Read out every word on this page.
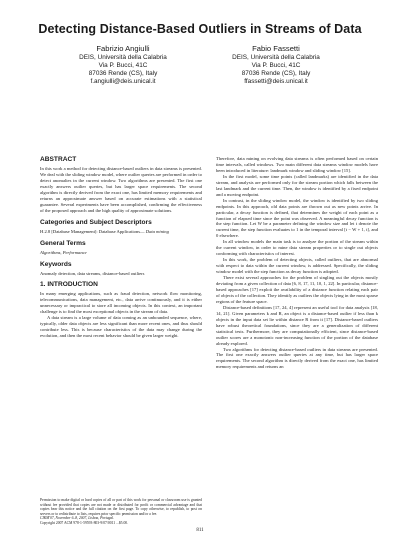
Detecting Distance-Based Outliers in Streams of Data
Fabrizio Angiulli
DEIS, Università della Calabria
Via P. Bucci, 41C
87036 Rende (CS), Italy
f.angiulli@deis.unical.it
Fabio Fassetti
DEIS, Università della Calabria
Via P. Bucci, 41C
87036 Rende (CS), Italy
ffassetti@deis.unical.it
ABSTRACT

In this work a method for detecting distance-based outliers in data streams is presented. We deal with the sliding window model, where outlier queries are performed in order to detect anomalies in the current window. Two algorithms are presented. The first one exactly answers outlier queries, but has larger space requirements. The second algorithm is directly derived from the exact one, has limited memory requirements and returns an approximate answer based on accurate estimations with a statistical guarantee. Several experiments have been accomplished, confirming the effectiveness of the proposed approach and the high quality of approximate solutions.

Categories and Subject Descriptors

H.2.8 [Database Management]: Database Applications— Data mining

General Terms

Algorithms, Performance

Keywords

Anomaly detection, data streams, distance-based outliers

1. INTRODUCTION

In many emerging applications, such as fraud detection, network flow monitoring, telecommunications, data management, etc., data arrive continuously, and it is either unnecessary or impractical to store all incoming objects. In this context, an important challenge is to find the most exceptional objects in the stream of data.

A data stream is a large volume of data coming as an unbounded sequence, where, typically, older data objects are less significant than more recent ones, and thus should contribute less. This is because characteristics of the data may change during the evolution, and then the most recent behavior should be given larger weight.

Permission to make digital or hard copies of all or part of this work for personal or classroom use is granted without fee provided that copies are not made or distributed for profit or commercial advantage and that copies bear this notice and the full citation on the first page. To copy otherwise, to republish, to post on servers or to redistribute to lists, requires prior specific permission and/or a fee.
CIKM'07, November 6–8, 2007, Lisboa, Portugal.
Copyright 2007 ACM 978-1-59593-803-9/07/0011 ...$5.00.

Therefore, data mining on evolving data streams is often performed based on certain time intervals, called windows. Two main different data streams window models have been introduced in literature: landmark window and sliding window [15].

In the first model, some time points (called landmarks) are identified in the data stream, and analysis are performed only for the stream portion which falls between the last landmark and the current time. Then, the window is identified by a fixed endpoint and a moving endpoint.

In contrast, in the sliding window model, the window is identified by two sliding endpoints. In this approach, old data points are thrown out as new points arrive. In particular, a decay function is defined, that determines the weight of each point as a function of elapsed time since the point was observed. A meaningful decay function is the step function. Let W be a parameter defining the window size and let t denote the current time, the step function evaluates to 1 in the temporal interval [t − W + 1, t], and 0 elsewhere.

In all window models the main task is to analyze the portion of the stream within the current window, in order to mine data stream properties or to single out objects conforming with characteristics of interest.

In this work, the problem of detecting objects, called outliers, that are abnormal with respect to data within the current window, is addressed. Specifically, the sliding window model with the step function as decay function is adopted.

There exist several approaches for the problem of singling out the objects mostly deviating from a given collection of data [6, 8, 17, 11, 10, 1, 22]. In particular, distance-based approaches [17] exploit the availability of a distance function relating each pair of objects of the collection. They identify as outliers the objects lying in the most sparse regions of the feature space.

Distance-based definitions [17, 24, 4] represent an useful tool for data analysis [18, 14, 21]. Given parameters k and R, an object is a distance-based outlier if less than k objects in the input data set lie within distance R from it [17]. Distance-based outliers have robust theoretical foundations, since they are a generalization of different statistical tests. Furthermore, they are computationally efficient, since distance-based outlier scores are a monotonic non-increasing function of the portion of the database already explored.

Two algorithms for detecting distance-based outliers in data streams are presented. The first one exactly answers outlier queries at any time, but has larger space requirements. The second algorithm is directly derived from the exact one, has limited memory requirements and returns an

811
